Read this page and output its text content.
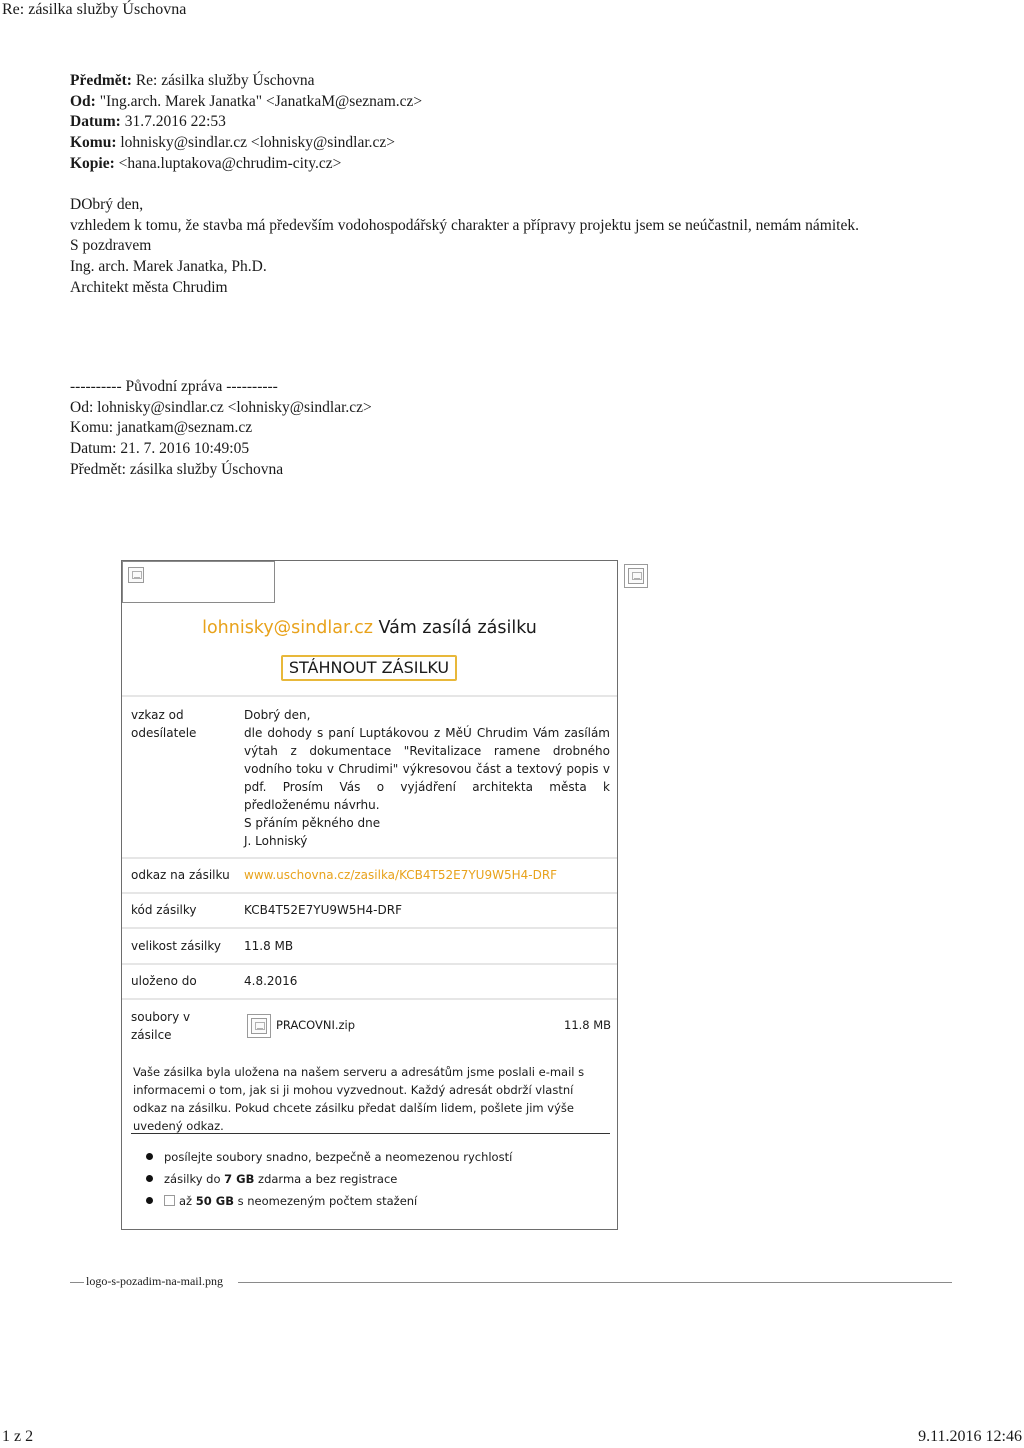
Re: zásilka služby Úschovna
Předmět: Re: zásilka služby Úschovna
Od: "Ing.arch. Marek Janatka" <JanatkaM@seznam.cz>
Datum: 31.7.2016 22:53
Komu: lohnisky@sindlar.cz <lohnisky@sindlar.cz>
Kopie: <hana.luptakova@chrudim-city.cz>
DObrý den,
vzhledem k tomu, že stavba má především vodohospodářský charakter a přípravy projektu jsem se neúčastnil, nemám námitek.
S pozdravem
Ing. arch. Marek Janatka, Ph.D.
Architekt města Chrudim
---------- Původní zpráva ----------
Od: lohnisky@sindlar.cz <lohnisky@sindlar.cz>
Komu: janatkam@seznam.cz
Datum: 21. 7. 2016 10:49:05
Předmět: zásilka služby Úschovna
lohnisky@sindlar.cz Vám zasílá zásilku
STÁHNOUT ZÁSILKU
vzkaz od
odesílatele
Dobrý den,
dle dohody s paní Luptákovou z MěÚ Chrudim Vám zasílám výtah z dokumentace "Revitalizace ramene drobného vodního toku v Chrudimi" výkresovou část a textový popis v pdf. Prosím Vás o vyjádření architekta města k předloženému návrhu.
S přáním pěkného dne
J. Lohniský
odkaz na zásilku www.uschovna.cz/zasilka/KCB4T52E7YU9W5H4-DRF
kód zásilky	KCB4T52E7YU9W5H4-DRF
velikost zásilky 11.8 MB
uloženo do	4.8.2016
soubory v
zásilce
PRACOVNI.zip	11.8 MB
Vaše zásilka byla uložena na našem serveru a adresátům jsme poslali e-mail s informacemi o tom, jak si ji mohou vyzvednout. Každý adresát obdrží vlastní odkaz na zásilku. Pokud chcete zásilku předat dalším lidem, pošlete jim výše uvedený odkaz.
posílejte soubory snadno, bezpečně a neomezenou rychlostí
zásilky do 7 GB zdarma a bez registrace
až 50 GB s neomezeným počtem stažení
logo-s-pozadim-na-mail.png
1 z 2	9.11.2016 12:46
